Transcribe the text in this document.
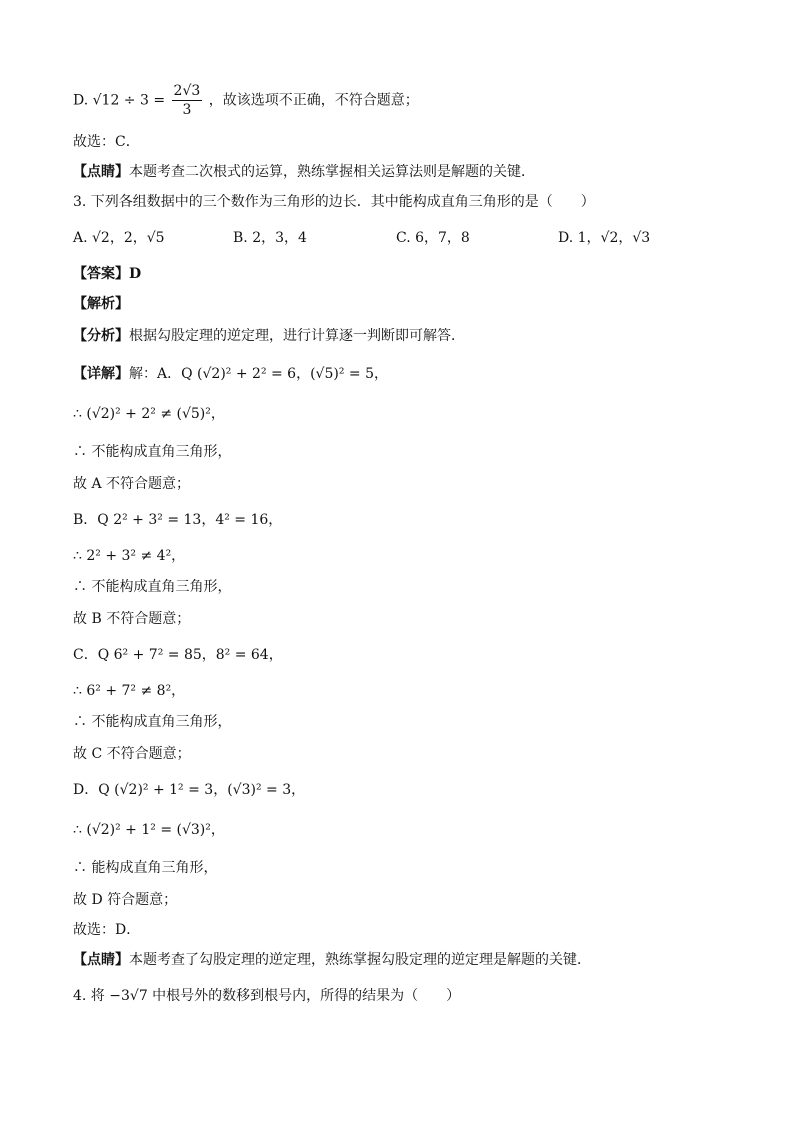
D. $√12 \div 3 = \frac{2√3}{3}$ ，故该选项不正确，不符合题意；
故选：C．
【点睛】本题考查二次根式的运算，熟练掌握相关运算法则是解题的关键．
3. 下列各组数据中的三个数作为三角形的边长．其中能构成直角三角形的是（　　）
A. √2，2，√5	B. 2，3，4	C. 6，7，8	D. 1，√2，√3
【答案】D
【解析】
【分析】根据勾股定理的逆定理，进行计算逐一判断即可解答．
【详解】解：A．Q (√2)² + 2² = 6，(√5)² = 5，
∴ (√2)² + 2² ≠ (√5)²，
∴ 不能构成直角三角形，
故 A 不符合题意；
B．Q 2² + 3² = 13，4² = 16，
∴ 2² + 3² ≠ 4²，
∴ 不能构成直角三角形，
故 B 不符合题意；
C．Q 6² + 7² = 85，8² = 64，
∴ 6² + 7² ≠ 8²，
∴ 不能构成直角三角形，
故 C 不符合题意；
D．Q (√2)² + 1² = 3，(√3)² = 3，
∴ (√2)² + 1² = (√3)²，
∴ 能构成直角三角形，
故 D 符合题意；
故选：D．
【点睛】本题考查了勾股定理的逆定理，熟练掌握勾股定理的逆定理是解题的关键．
4. 将 −3√7 中根号外的数移到根号内，所得的结果为（　　）
